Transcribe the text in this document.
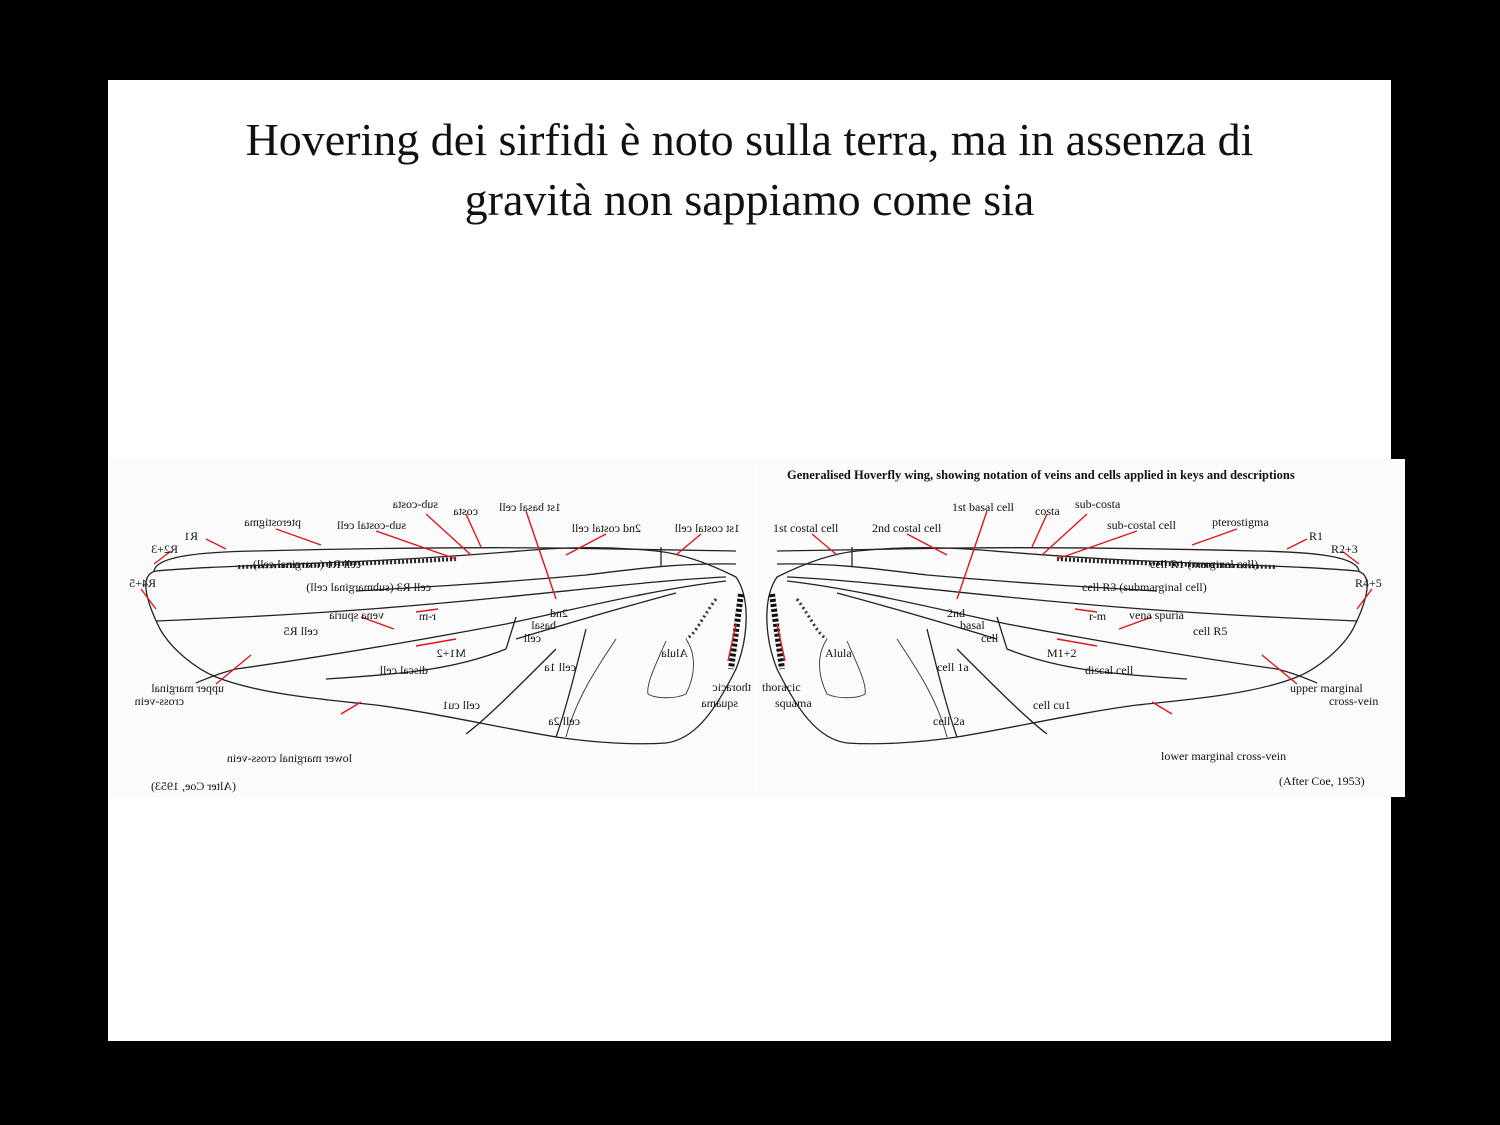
Hovering dei sirfidi è noto sulla terra, ma in assenza di
gravità non sappiamo come sia
1st costal cell
2nd costal cell
1st basal cell
costa
sub-costa
sub-costal cell
pterostigma
R1
R2+3
R4+5
cell R1 (marginal cell)
cell R3 (submarginal cell)
r-m
vena spuria
cell R5
2nd
basal
cell
M1+2
discal cell
Alula
cell 1a
thoracic
squama
cell cu1
cell 2a
upper marginal
cross-vein
lower marginal cross-vein
(Alter Coe, 1953)
Generalised Hoverfly wing, showing notation of veins and cells applied in keys and descriptions
1st costal cell	2nd costal cell
1st basal cell costa sub-costa
sub-costal cell	pterostigma
R1
R2+3
R4+5
cell R1 (marginal cell)
cell R3 (submarginal cell)
r-m vena spuria
cell R5
2nd
basal
cell
M1+2
discal cell
Alula
cell 1a
thoracic
squama	cell cu1
cell 2a
upper marginal
cross-vein
lower marginal cross-vein
(After Coe, 1953)
